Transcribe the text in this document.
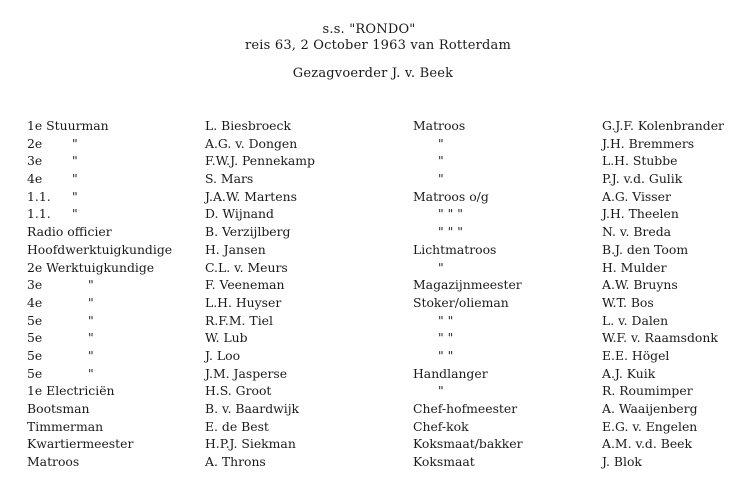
s.s. "RONDO"
reis 63, 2 October 1963 van Rotterdam
Gezagvoerder J. v. Beek
1e Stuurman	L. Biesbroeck	Matroos	G.J.F. Kolenbrander
2e "	A.G. v. Dongen	"	J.H. Bremmers
3e "	F.W.J. Pennekamp	"	L.H. Stubbe
4e "	S. Mars	"	P.J. v.d. Gulik
1.1. "	J.A.W. Martens	Matroos o/g	A.G. Visser
1.1. "	D. Wijnand	" " "	J.H. Theelen
Radio officier	B. Verzijlberg	" " "	N. v. Breda
Hoofdwerktuigkundige	H. Jansen	Lichtmatroos	B.J. den Toom
2e Werktuigkundige	C.L. v. Meurs	"	H. Mulder
3e	"	F. Veeneman	Magazijnmeester	A.W. Bruyns
4e	"	L.H. Huyser	Stoker/olieman	W.T. Bos
5e	"	R.F.M. Tiel	" "	L. v. Dalen
5e	"	W. Lub	" "	W.F. v. Raamsdonk
5e	"	J. Loo	" "	E.E. Högel
5e	"	J.M. Jasperse	Handlanger	A.J. Kuik
1e Electriciën	H.S. Groot	"	R. Roumimper
Bootsman	B. v. Baardwijk	Chef-hofmeester	A. Waaijenberg
Timmerman	E. de Best	Chef-kok	E.G. v. Engelen
Kwartiermeester	H.P.J. Siekman	Koksmaat/bakker	A.M. v.d. Beek
Matroos	A. Throns	Koksmaat	J. Blok
